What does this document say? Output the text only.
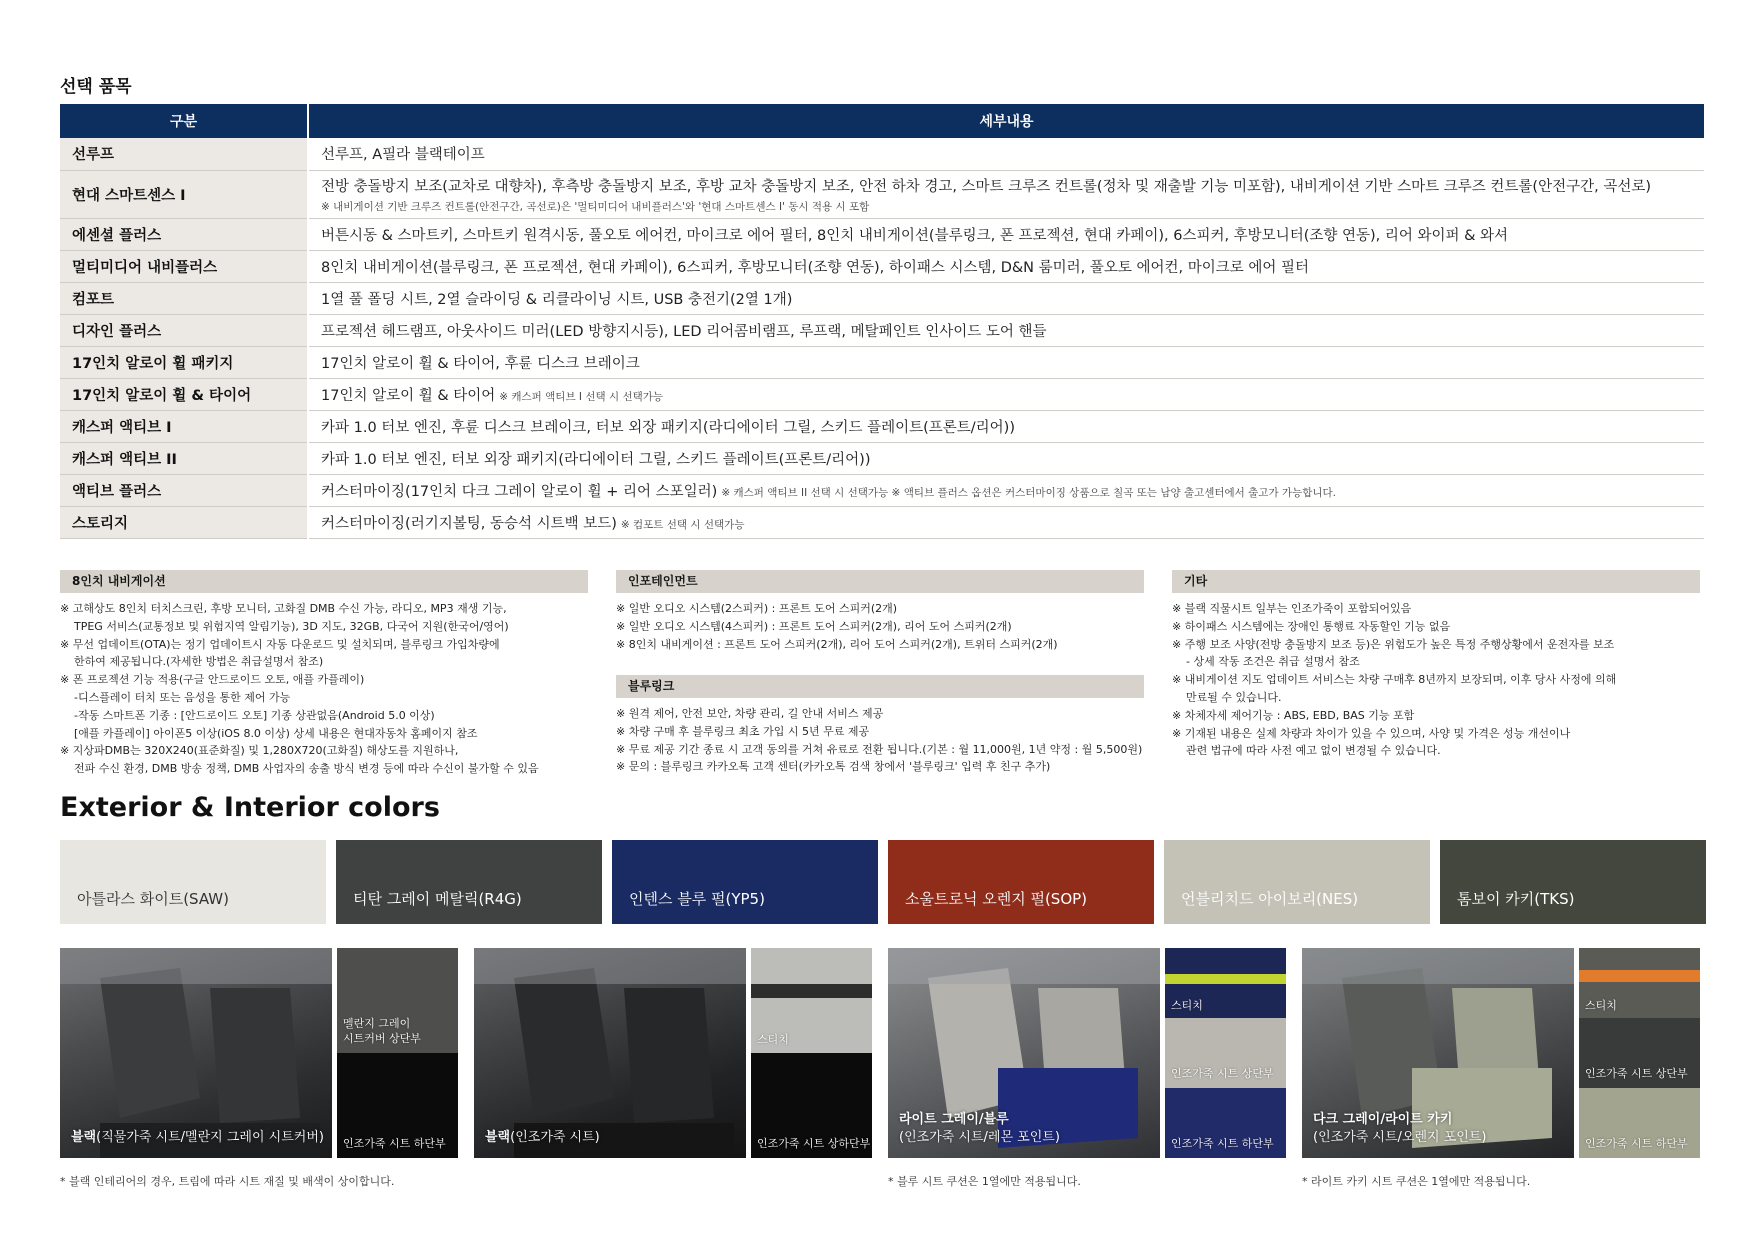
선택 품목
구분	세부내용
선루프	선루프, A필라 블랙테이프
현대 스마트센스 I	전방 충돌방지 보조(교차로 대향차), 후측방 충돌방지 보조, 후방 교차 충돌방지 보조, 안전 하차 경고, 스마트 크루즈 컨트롤(정차 및 재출발 기능 미포함), 내비게이션 기반 스마트 크루즈 컨트롤(안전구간, 곡선로)
※ 내비게이션 기반 크루즈 컨트롤(안전구간, 곡선로)은 '멀티미디어 내비플러스'와 '현대 스마트센스 I' 동시 적용 시 포함

에센셜 플러스	버튼시동 & 스마트키, 스마트키 원격시동, 풀오토 에어컨, 마이크로 에어 필터, 8인치 내비게이션(블루링크, 폰 프로젝션, 현대 카페이), 6스피커, 후방모니터(조향 연동), 리어 와이퍼 & 와셔
멀티미디어 내비플러스	8인치 내비게이션(블루링크, 폰 프로젝션, 현대 카페이), 6스피커, 후방모니터(조향 연동), 하이패스 시스템, D&N 룸미러, 풀오토 에어컨, 마이크로 에어 필터
컴포트	1열 풀 폴딩 시트, 2열 슬라이딩 & 리클라이닝 시트, USB 충전기(2열 1개)
디자인 플러스	프로젝션 헤드램프, 아웃사이드 미러(LED 방향지시등), LED 리어콤비램프, 루프랙, 메탈페인트 인사이드 도어 핸들
17인치 알로이 휠 패키지	17인치 알로이 휠 & 타이어, 후륜 디스크 브레이크
17인치 알로이 휠 & 타이어	17인치 알로이 휠 & 타이어 ※ 캐스퍼 액티브 I 선택 시 선택가능
캐스퍼 액티브 I	카파 1.0 터보 엔진, 후륜 디스크 브레이크, 터보 외장 패키지(라디에이터 그릴, 스키드 플레이트(프론트/리어))
캐스퍼 액티브 II	카파 1.0 터보 엔진, 터보 외장 패키지(라디에이터 그릴, 스키드 플레이트(프론트/리어))
액티브 플러스	커스터마이징(17인치 다크 그레이 알로이 휠 + 리어 스포일러) ※ 캐스퍼 액티브 II 선택 시 선택가능 ※ 액티브 플러스 옵션은 커스터마이징 상품으로 칠곡 또는 남양 출고센터에서 출고가 가능합니다.
스토리지	커스터마이징(러기지볼팅, 동승석 시트백 보드) ※ 컴포트 선택 시 선택가능
8인치 내비게이션
※ 고해상도 8인치 터치스크린, 후방 모니터, 고화질 DMB 수신 가능, 라디오, MP3 재생 기능,
TPEG 서비스(교통정보 및 위험지역 알림기능), 3D 지도, 32GB, 다국어 지원(한국어/영어)
※ 무선 업데이트(OTA)는 정기 업데이트시 자동 다운로드 및 설치되며, 블루링크 가입차량에
한하여 제공됩니다.(자세한 방법은 취급설명서 참조)
※ 폰 프로젝션 기능 적용(구글 안드로이드 오토, 애플 카플레이)
-디스플레이 터치 또는 음성을 통한 제어 가능
-작동 스마트폰 기종 : [안드로이드 오토] 기종 상관없음(Android 5.0 이상)
[애플 카플레이] 아이폰5 이상(iOS 8.0 이상) 상세 내용은 현대자동차 홈페이지 참조
※ 지상파DMB는 320X240(표준화질) 및 1,280X720(고화질) 해상도를 지원하나,
전파 수신 환경, DMB 방송 정책, DMB 사업자의 송출 방식 변경 등에 따라 수신이 불가할 수 있음
인포테인먼트
※ 일반 오디오 시스템(2스피커) : 프론트 도어 스피커(2개)
※ 일반 오디오 시스템(4스피커) : 프론트 도어 스피커(2개), 리어 도어 스피커(2개)
※ 8인치 내비게이션 : 프론트 도어 스피커(2개), 리어 도어 스피커(2개), 트위터 스피커(2개)
블루링크
※ 원격 제어, 안전 보안, 차량 관리, 길 안내 서비스 제공
※ 차량 구매 후 블루링크 최초 가입 시 5년 무료 제공
※ 무료 제공 기간 종료 시 고객 동의를 거쳐 유료로 전환 됩니다.(기본 : 월 11,000원, 1년 약정 : 월 5,500원)
※ 문의 : 블루링크 카카오톡 고객 센터(카카오톡 검색 창에서 '블루링크' 입력 후 친구 추가)
기타
※ 블랙 직물시트 일부는 인조가죽이 포함되어있음
※ 하이패스 시스템에는 장애인 통행료 자동할인 기능 없음
※ 주행 보조 사양(전방 충돌방지 보조 등)은 위험도가 높은 특정 주행상황에서 운전자를 보조
- 상세 작동 조건은 취급 설명서 참조
※ 내비게이션 지도 업데이트 서비스는 차량 구매후 8년까지 보장되며, 이후 당사 사정에 의해
만료될 수 있습니다.
※ 차체자세 제어기능 : ABS, EBD, BAS 기능 포함
※ 기재된 내용은 실제 차량과 차이가 있을 수 있으며, 사양 및 가격은 성능 개선이나
관련 법규에 따라 사전 예고 없이 변경될 수 있습니다.
Exterior & Interior colors
아틀라스 화이트(SAW)	티탄 그레이 메탈릭(R4G)	인텐스 블루 펄(YP5)	소울트로닉 오렌지 펄(SOP)	언블리치드 아이보리(NES)	톰보이 카키(TKS)
블랙(직물가죽 시트/멜란지 그레이 시트커버)
멜란지 그레이
시트커버 상단부
인조가죽 시트 하단부	블랙(인조가죽 시트)
스티치
인조가죽 시트 상하단부
라이트 그레이/블루
(인조가죽 시트/레몬 포인트)
스티치
인조가죽 시트 상단부
인조가죽 시트 하단부
다크 그레이/라이트 카키
(인조가죽 시트/오렌지 포인트)
스티치
인조가죽 시트 상단부
인조가죽 시트 하단부
* 블랙 인테리어의 경우, 트림에 따라 시트 재질 및 배색이 상이합니다.	* 블루 시트 쿠션은 1열에만 적용됩니다.	* 라이트 카키 시트 쿠션은 1열에만 적용됩니다.
